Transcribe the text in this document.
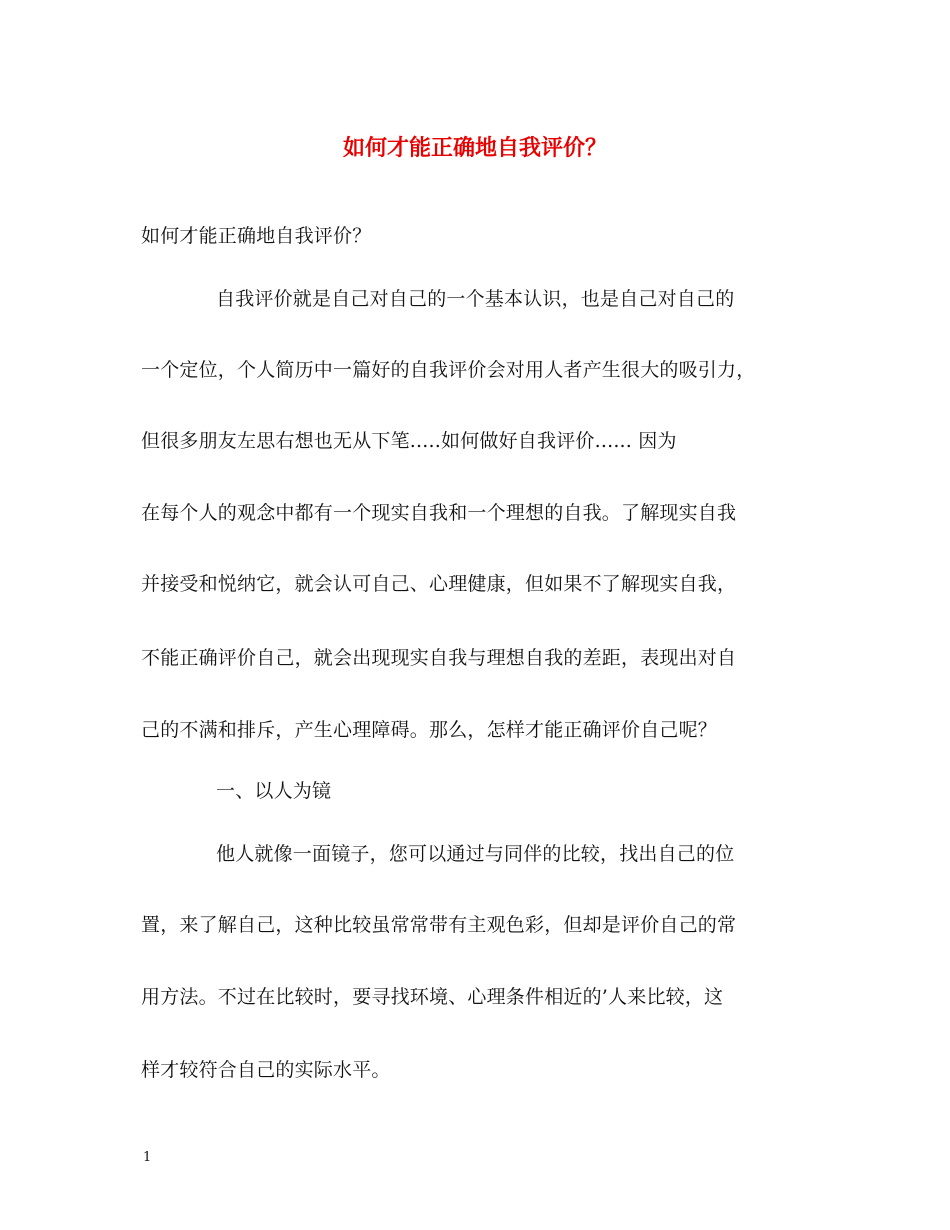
如何才能正确地自我评价？
如何才能正确地自我评价？
自我评价就是自己对自己的一个基本认识，也是自己对自己的
一个定位，个人简历中一篇好的自我评价会对用人者产生很大的吸引力，
但很多朋友左思右想也无从下笔.....如何做好自我评价...... 因为
在每个人的观念中都有一个现实自我和一个理想的自我。了解现实自我
并接受和悦纳它，就会认可自己、心理健康，但如果不了解现实自我，
不能正确评价自己，就会出现现实自我与理想自我的差距，表现出对自
己的不满和排斥，产生心理障碍。那么，怎样才能正确评价自己呢？
一、以人为镜
他人就像一面镜子，您可以通过与同伴的比较，找出自己的位
置，来了解自己，这种比较虽常常带有主观色彩，但却是评价自己的常
用方法。不过在比较时，要寻找环境、心理条件相近的’人来比较，这
样才较符合自己的实际水平。
1
